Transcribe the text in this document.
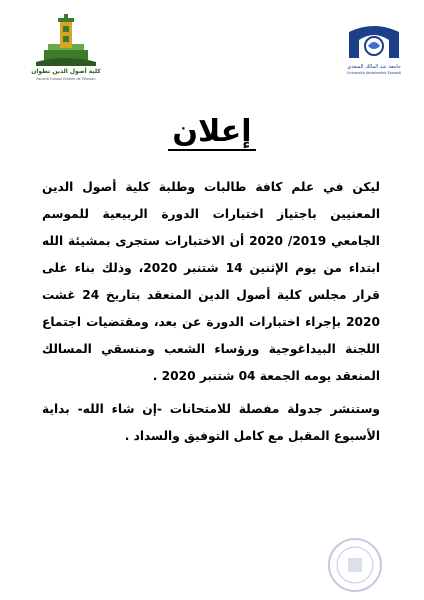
كلية أصول الدين تطوان
Faculté Ousoul Eddine de Tétouan
جامعة عبد المالك السعدي
Université Abdelmalek Essaadi
إعلان

ليكن في علم كافة طالبات وطلبة كلية أصول الدين المعنيين باجتياز اختبارات الدورة الربيعية للموسم الجامعي 2019/ 2020 أن الاختبارات ستجرى بمشيئة الله ابتداء من يوم الإثنين 14 شتنبر 2020، وذلك بناء على قرار مجلس كلية أصول الدين المنعقد بتاريخ 24 غشت 2020 بإجراء اختبارات الدورة عن بعد، ومقتضيات اجتماع اللجنة البيداغوجية ورؤساء الشعب ومنسقي المسالك المنعقد يومه الجمعة 04 شتنبر 2020 .

وستنشر جدولة مفصلة للامتحانات -إن شاء الله- بداية الأسبوع المقبل مع كامل التوفيق والسداد .
